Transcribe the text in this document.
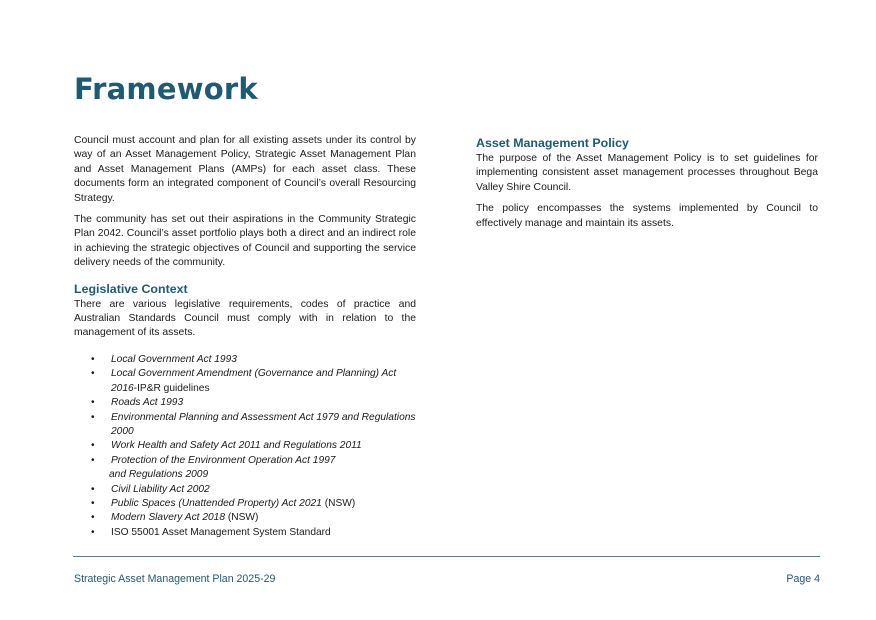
Framework

Council must account and plan for all existing assets under its control by way of an Asset Management Policy, Strategic Asset Management Plan and Asset Management Plans (AMPs) for each asset class. These documents form an integrated component of Council’s overall Resourcing Strategy.

The community has set out their aspirations in the Community Strategic Plan 2042. Council’s asset portfolio plays both a direct and an indirect role in achieving the strategic objectives of Council and supporting the service delivery needs of the community.

Legislative Context

There are various legislative requirements, codes of practice and Australian Standards Council must comply with in relation to the management of its assets.

• Local Government Act 1993
• Local Government Amendment (Governance and Planning) Act 2016-IP&R guidelines
• Roads Act 1993
• Environmental Planning and Assessment Act 1979 and Regulations 2000
• Work Health and Safety Act 2011 and Regulations 2011
• Protection of the Environment Operation Act 1997
and Regulations 2009
• Civil Liability Act 2002
• Public Spaces (Unattended Property) Act 2021 (NSW)
• Modern Slavery Act 2018 (NSW)
• ISO 55001 Asset Management System Standard
Asset Management Policy

The purpose of the Asset Management Policy is to set guidelines for implementing consistent asset management processes throughout Bega Valley Shire Council.

The policy encompasses the systems implemented by Council to effectively manage and maintain its assets.

Strategic Asset Management Plan 2025-29	Page 4
